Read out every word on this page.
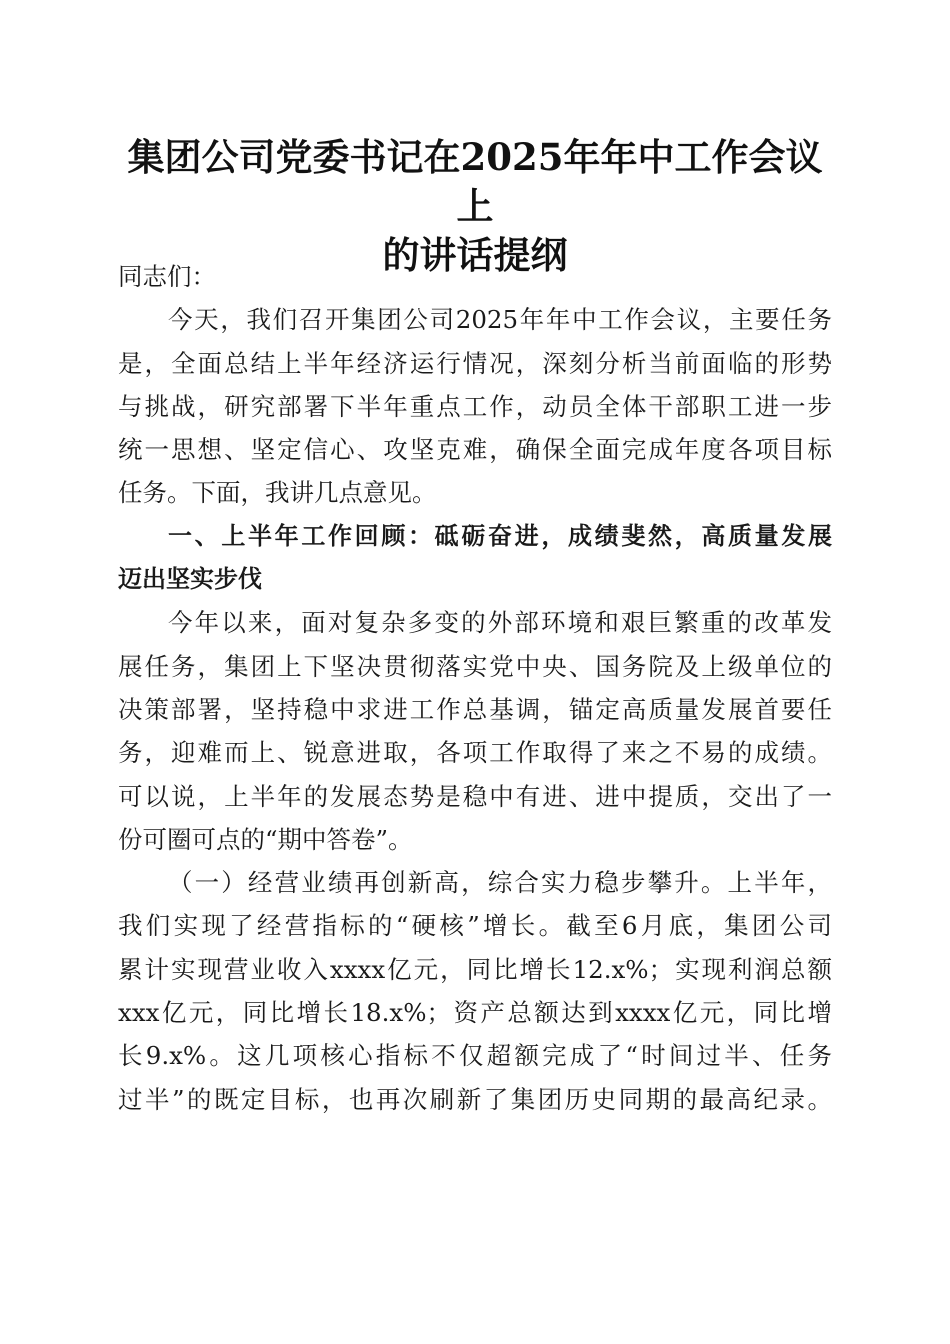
集团公司党委书记在2025年年中工作会议上
的讲话提纲

同志们：

今天，我们召开集团公司2025年年中工作会议，主要任务

是，全面总结上半年经济运行情况，深刻分析当前面临的形势

与挑战，研究部署下半年重点工作，动员全体干部职工进一步

统一思想、坚定信心、攻坚克难，确保全面完成年度各项目标

任务。下面，我讲几点意见。

一、上半年工作回顾：砥砺奋进，成绩斐然，高质量发展

迈出坚实步伐

今年以来，面对复杂多变的外部环境和艰巨繁重的改革发

展任务，集团上下坚决贯彻落实党中央、国务院及上级单位的

决策部署，坚持稳中求进工作总基调，锚定高质量发展首要任

务，迎难而上、锐意进取，各项工作取得了来之不易的成绩。

可以说，上半年的发展态势是稳中有进、进中提质，交出了一

份可圈可点的“期中答卷”。

（一）经营业绩再创新高，综合实力稳步攀升。上半年，

我们实现了经营指标的“硬核”增长。截至6月底，集团公司

累计实现营业收入xxxx亿元，同比增长12.x%；实现利润总额

xxx亿元，同比增长18.x%；资产总额达到xxxx亿元，同比增

长9.x%。这几项核心指标不仅超额完成了“时间过半、任务

过半”的既定目标，也再次刷新了集团历史同期的最高纪录。
